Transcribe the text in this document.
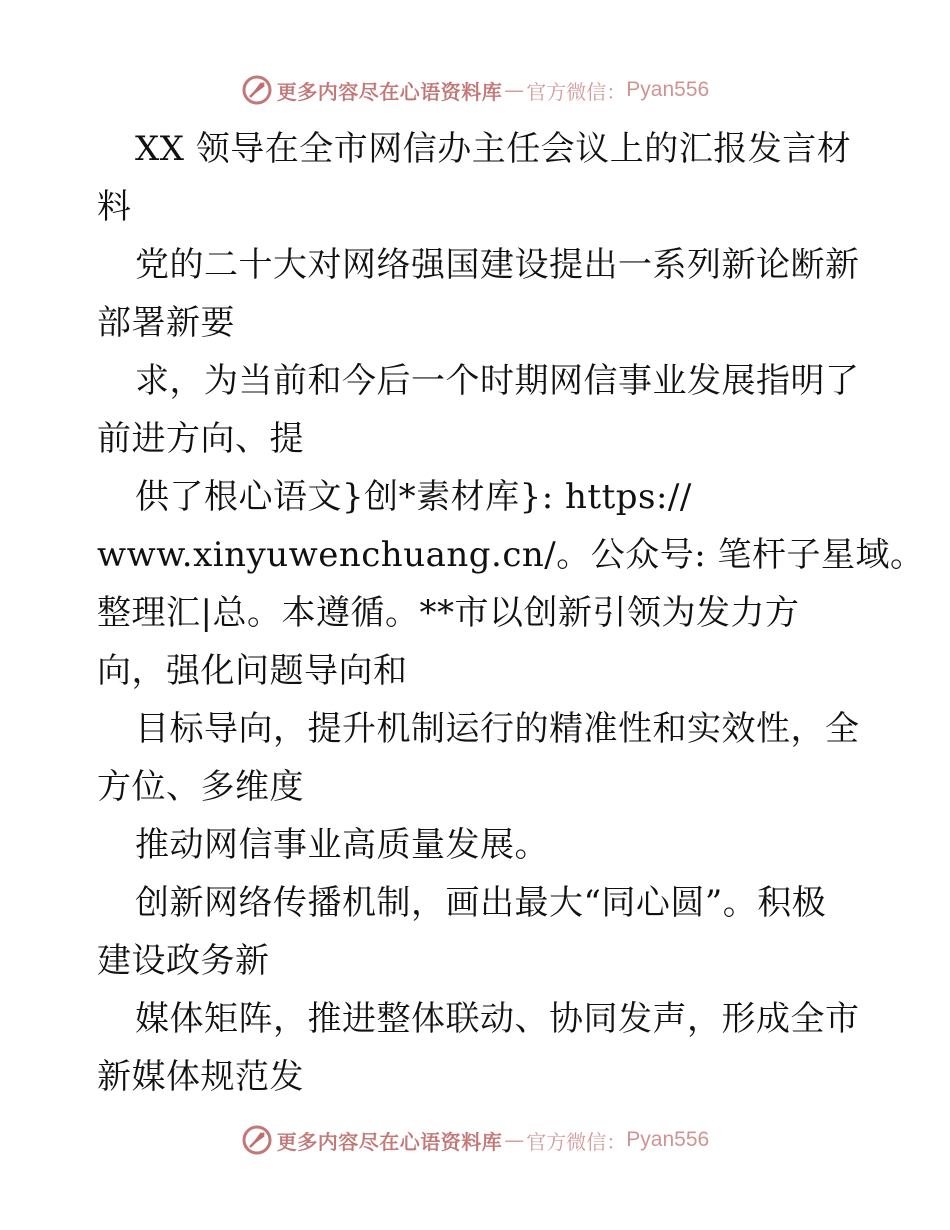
更多内容尽在心语资料库 — 官方微信： Pyan556
XX 领导在全市网信办主任会议上的汇报发言材
料
党的二十大对网络强国建设提出一系列新论断新
部署新要
求，为当前和今后一个时期网信事业发展指明了
前进方向、提
供了根心语文}创*素材库}: https://
www.xinyuwenchuang.cn/。公众号: 笔杆子星域。
整理汇|总。本遵循。**市以创新引领为发力方
向，强化问题导向和
目标导向，提升机制运行的精准性和实效性，全
方位、多维度
推动网信事业高质量发展。
创新网络传播机制，画出最大“同心圆”。积极
建设政务新
媒体矩阵，推进整体联动、协同发声，形成全市
新媒体规范发
更多内容尽在心语资料库 — 官方微信： Pyan556
